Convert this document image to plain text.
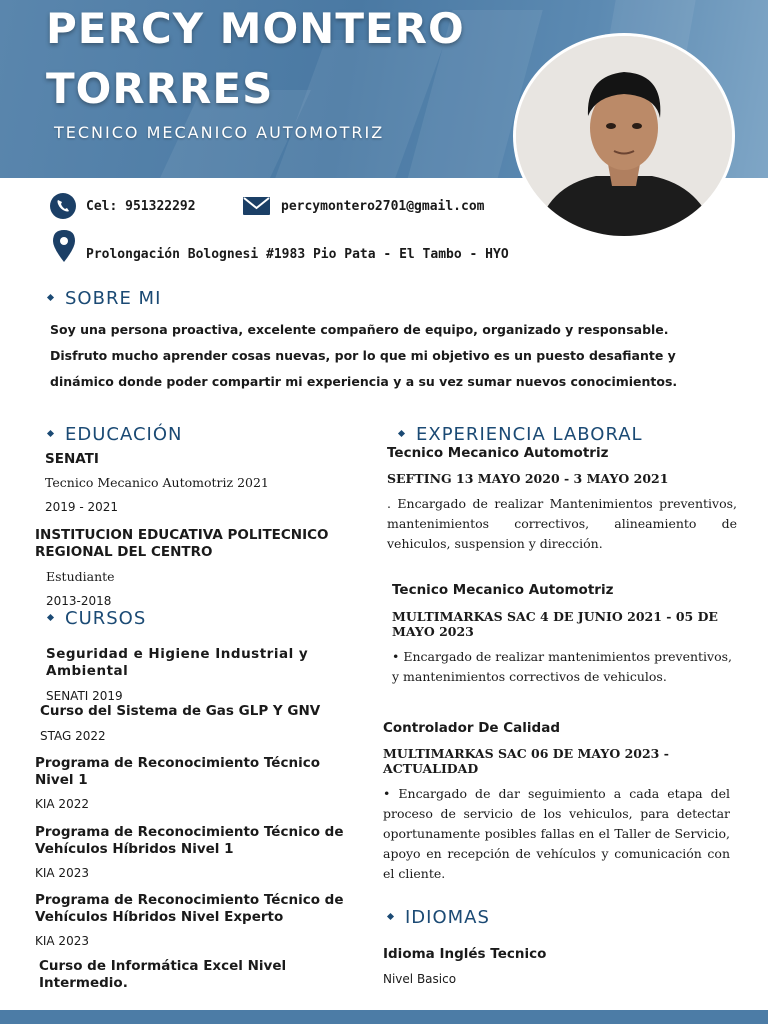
PERCY MONTERO
TORRRES
TECNICO MECANICO AUTOMOTRIZ
Cel: 951322292	percymontero2701@gmail.com
Prolongación Bolognesi #1983 Pio Pata - El Tambo - HYO
SOBRE MI
Soy una persona proactiva, excelente compañero de equipo, organizado y responsable. Disfruto mucho aprender cosas nuevas, por lo que mi objetivo es un puesto desafiante y dinámico donde poder compartir mi experiencia y a su vez sumar nuevos conocimientos.
EDUCACIÓN
SENATI
Tecnico Mecanico Automotriz 2021
2019 - 2021
INSTITUCION EDUCATIVA POLITECNICO REGIONAL DEL CENTRO
Estudiante
2013-2018
CURSOS
Seguridad e Higiene Industrial y Ambiental
SENATI 2019
Curso del Sistema de Gas GLP Y GNV
STAG 2022
Programa de Reconocimiento Técnico Nivel 1
KIA 2022
Programa de Reconocimiento Técnico de Vehículos Híbridos Nivel 1
KIA 2023
Programa de Reconocimiento Técnico de Vehículos Híbridos Nivel Experto
KIA 2023
Curso de Informática Excel Nivel Intermedio.
EXPERIENCIA LABORAL
Tecnico Mecanico Automotriz
SEFTING 13 MAYO 2020 - 3 MAYO 2021
. Encargado de realizar Mantenimientos preventivos, mantenimientos correctivos, alineamiento de vehiculos, suspension y dirección.
Tecnico Mecanico Automotriz
MULTIMARKAS SAC 4 DE JUNIO 2021 - 05 DE MAYO 2023
• Encargado de realizar mantenimientos preventivos, y mantenimientos correctivos de vehiculos.
Controlador De Calidad
MULTIMARKAS SAC 06 DE MAYO 2023 - ACTUALIDAD
• Encargado de dar seguimiento a cada etapa del proceso de servicio de los vehiculos, para detectar oportunamente posibles fallas en el Taller de Servicio, apoyo en recepción de vehículos y comunicación con el cliente.
IDIOMAS
Idioma Inglés Tecnico
Nivel Basico
